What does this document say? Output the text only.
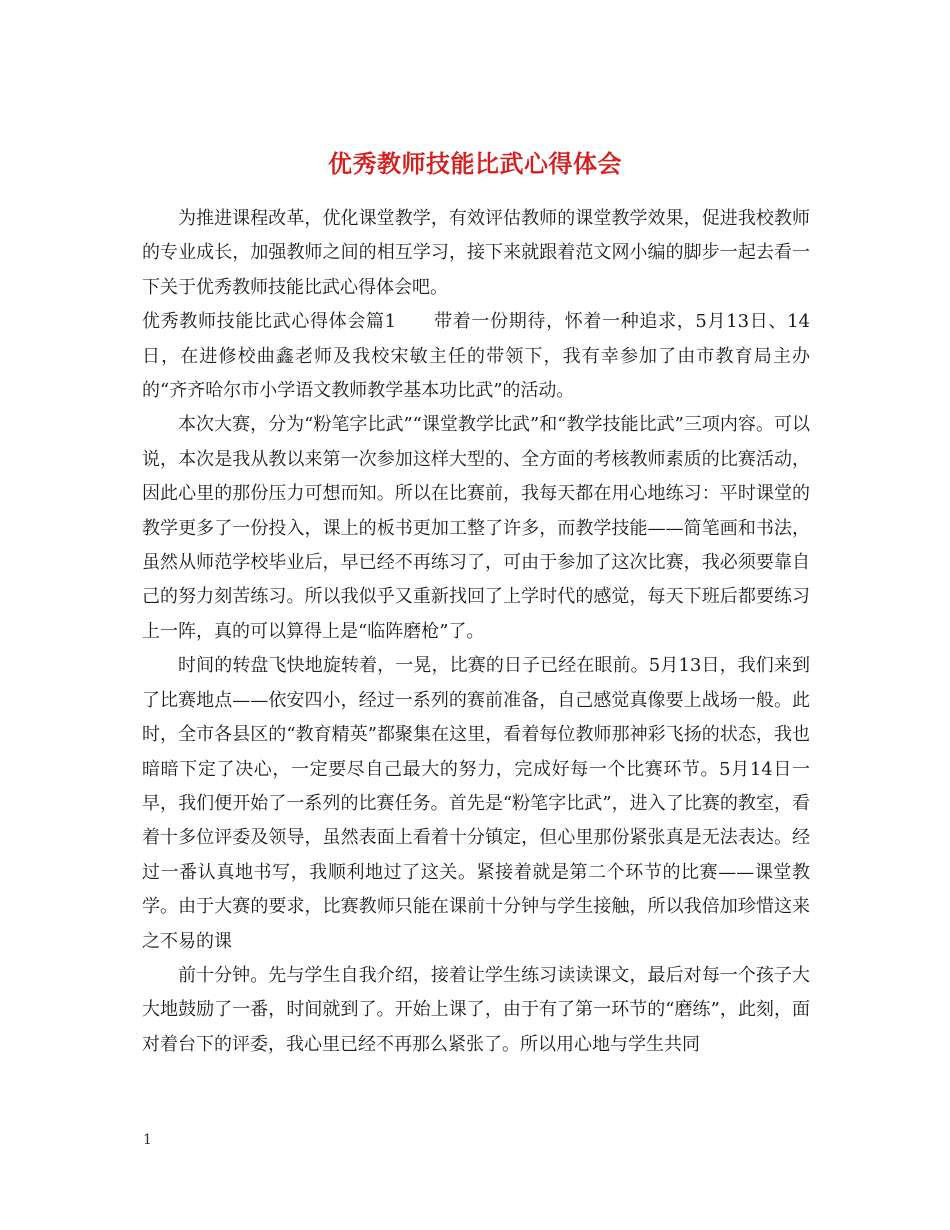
优秀教师技能比武心得体会

为推进课程改革，优化课堂教学，有效评估教师的课堂教学效果，促进我校教师的专业成长，加强教师之间的相互学习，接下来就跟着范文网小编的脚步一起去看一下关于优秀教师技能比武心得体会吧。

优秀教师技能比武心得体会篇1　　带着一份期待，怀着一种追求，5月13日、14日，在进修校曲鑫老师及我校宋敏主任的带领下，我有幸参加了由市教育局主办的“齐齐哈尔市小学语文教师教学基本功比武”的活动。

本次大赛，分为“粉笔字比武”“课堂教学比武”和“教学技能比武”三项内容。可以说，本次是我从教以来第一次参加这样大型的、全方面的考核教师素质的比赛活动，因此心里的那份压力可想而知。所以在比赛前，我每天都在用心地练习：平时课堂的教学更多了一份投入，课上的板书更加工整了许多，而教学技能——简笔画和书法，虽然从师范学校毕业后，早已经不再练习了，可由于参加了这次比赛，我必须要靠自己的努力刻苦练习。所以我似乎又重新找回了上学时代的感觉，每天下班后都要练习上一阵，真的可以算得上是“临阵磨枪”了。

时间的转盘飞快地旋转着，一晃，比赛的日子已经在眼前。5月13日，我们来到了比赛地点——依安四小，经过一系列的赛前准备，自己感觉真像要上战场一般。此时，全市各县区的“教育精英”都聚集在这里，看着每位教师那神彩飞扬的状态，我也暗暗下定了决心，一定要尽自己最大的努力，完成好每一个比赛环节。5月14日一早，我们便开始了一系列的比赛任务。首先是“粉笔字比武”，进入了比赛的教室，看着十多位评委及领导，虽然表面上看着十分镇定，但心里那份紧张真是无法表达。经过一番认真地书写，我顺利地过了这关。紧接着就是第二个环节的比赛——课堂教学。由于大赛的要求，比赛教师只能在课前十分钟与学生接触，所以我倍加珍惜这来之不易的课

前十分钟。先与学生自我介绍，接着让学生练习读读课文，最后对每一个孩子大大地鼓励了一番，时间就到了。开始上课了，由于有了第一环节的“磨练”，此刻，面对着台下的评委，我心里已经不再那么紧张了。所以用心地与学生共同

1
